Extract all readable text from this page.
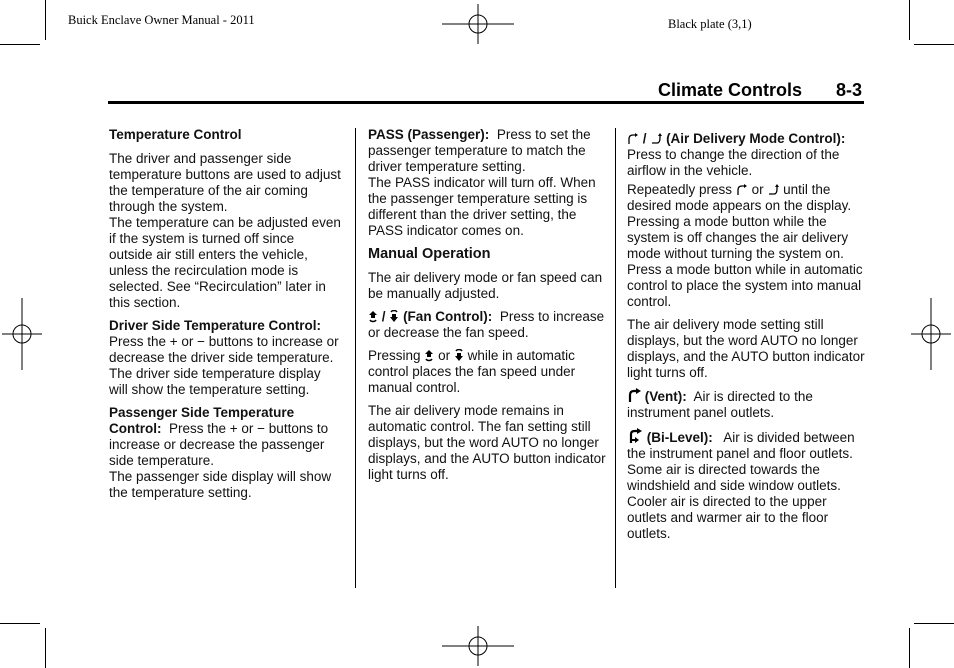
Buick Enclave Owner Manual - 2011	Black plate (3,1)
Climate Controls 8-3

Temperature Control

The driver and passenger side temperature buttons are used to adjust the temperature of the air coming through the system.

The temperature can be adjusted even if the system is turned off since outside air still enters the vehicle, unless the recirculation mode is selected. See “Recirculation” later in this section.

Driver Side Temperature Control:  Press the + or − buttons to increase or decrease the driver side temperature. The driver side temperature display will show the temperature setting.

Passenger Side Temperature Control: Press the + or − buttons to increase or decrease the passenger side temperature.

The passenger side display will show the temperature setting.

PASS (Passenger): Press to set the passenger temperature to match the driver temperature setting.

The PASS indicator will turn off. When the passenger temperature setting is different than the driver setting, the PASS indicator comes on.

Manual Operation

The air delivery mode or fan speed can be manually adjusted.

/ (Fan Control): Press to increase or decrease the fan speed.

Pressing or while in automatic control places the fan speed under manual control.

The air delivery mode remains in automatic control. The fan setting still displays, but the word AUTO no longer displays, and the AUTO button indicator light turns off.

/ (Air Delivery Mode Control):  Press to change the direction of the airflow in the vehicle.

Repeatedly press or until the desired mode appears on the display. Pressing a mode button while the system is off changes the air delivery mode without turning the system on. Press a mode button while in automatic control to place the system into manual control.

The air delivery mode setting still displays, but the word AUTO no longer displays, and the AUTO button indicator light turns off.

(Vent): Air is directed to the instrument panel outlets.

(Bi-Level): Air is divided between the instrument panel and floor outlets. Some air is directed towards the windshield and side window outlets. Cooler air is directed to the upper outlets and warmer air to the floor outlets.
